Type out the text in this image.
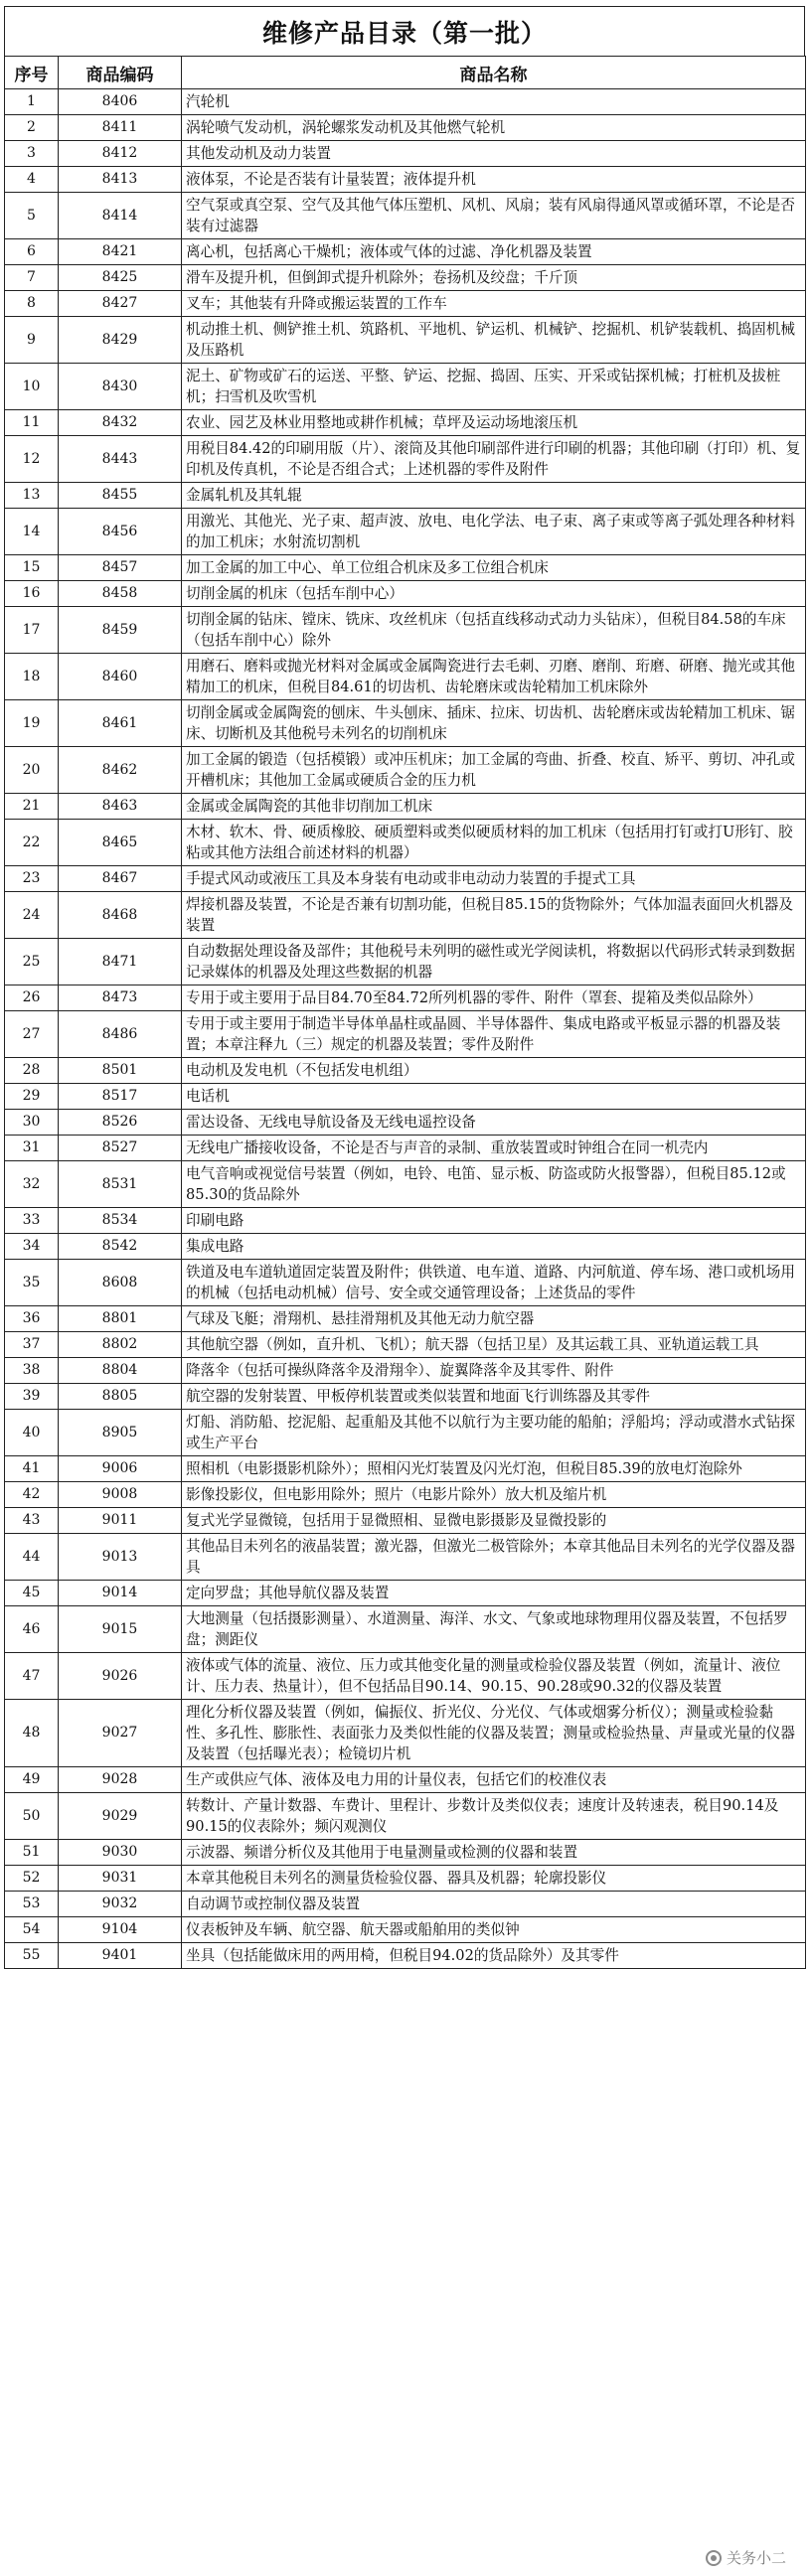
维修产品目录（第一批）
序号	商品编码	商品名称
1	8406	汽轮机
2	8411	涡轮喷气发动机，涡轮螺浆发动机及其他燃气轮机
3	8412	其他发动机及动力装置
4	8413	液体泵，不论是否装有计量装置；液体提升机
5	8414	空气泵或真空泵、空气及其他气体压塑机、风机、风扇；装有风扇得通风罩或循环罩，不论是否装有过滤器
6	8421	离心机，包括离心干燥机；液体或气体的过滤、净化机器及装置
7	8425	滑车及提升机，但倒卸式提升机除外；卷扬机及绞盘；千斤顶
8	8427	叉车；其他装有升降或搬运装置的工作车
9	8429	机动推土机、侧铲推土机、筑路机、平地机、铲运机、机械铲、挖掘机、机铲装载机、捣固机械及压路机
10	8430	泥土、矿物或矿石的运送、平整、铲运、挖掘、捣固、压实、开采或钻探机械；打桩机及拔桩机；扫雪机及吹雪机
11	8432	农业、园艺及林业用整地或耕作机械；草坪及运动场地滚压机
12	8443	用税目84.42的印刷用版（片）、滚筒及其他印刷部件进行印刷的机器；其他印刷（打印）机、复印机及传真机，不论是否组合式；上述机器的零件及附件
13	8455	金属轧机及其轧辊
14	8456	用激光、其他光、光子束、超声波、放电、电化学法、电子束、离子束或等离子弧处理各种材料的加工机床；水射流切割机
15	8457	加工金属的加工中心、单工位组合机床及多工位组合机床
16	8458	切削金属的机床（包括车削中心）
17	8459	切削金属的钻床、镗床、铣床、攻丝机床（包括直线移动式动力头钻床），但税目84.58的车床（包括车削中心）除外
18	8460	用磨石、磨料或抛光材料对金属或金属陶瓷进行去毛刺、刃磨、磨削、珩磨、研磨、抛光或其他精加工的机床，但税目84.61的切齿机、齿轮磨床或齿轮精加工机床除外
19	8461	切削金属或金属陶瓷的刨床、牛头刨床、插床、拉床、切齿机、齿轮磨床或齿轮精加工机床、锯床、切断机及其他税号未列名的切削机床
20	8462	加工金属的锻造（包括模锻）或冲压机床；加工金属的弯曲、折叠、校直、矫平、剪切、冲孔或开槽机床；其他加工金属或硬质合金的压力机
21	8463	金属或金属陶瓷的其他非切削加工机床
22	8465	木材、软木、骨、硬质橡胶、硬质塑料或类似硬质材料的加工机床（包括用打钉或打U形钉、胶粘或其他方法组合前述材料的机器）
23	8467	手提式风动或液压工具及本身装有电动或非电动动力装置的手提式工具
24	8468	焊接机器及装置，不论是否兼有切割功能，但税目85.15的货物除外；气体加温表面回火机器及装置
25	8471	自动数据处理设备及部件；其他税号未列明的磁性或光学阅读机，将数据以代码形式转录到数据记录媒体的机器及处理这些数据的机器
26	8473	专用于或主要用于品目84.70至84.72所列机器的零件、附件（罩套、提箱及类似品除外）
27	8486	专用于或主要用于制造半导体单晶柱或晶圆、半导体器件、集成电路或平板显示器的机器及装置；本章注释九（三）规定的机器及装置；零件及附件
28	8501	电动机及发电机（不包括发电机组）
29	8517	电话机
30	8526	雷达设备、无线电导航设备及无线电遥控设备
31	8527	无线电广播接收设备，不论是否与声音的录制、重放装置或时钟组合在同一机壳内
32	8531	电气音响或视觉信号装置（例如，电铃、电笛、显示板、防盗或防火报警器），但税目85.12或85.30的货品除外
33	8534	印刷电路
34	8542	集成电路
35	8608	铁道及电车道轨道固定装置及附件；供铁道、电车道、道路、内河航道、停车场、港口或机场用的机械（包括电动机械）信号、安全或交通管理设备；上述货品的零件
36	8801	气球及飞艇；滑翔机、悬挂滑翔机及其他无动力航空器
37	8802	其他航空器（例如，直升机、飞机）；航天器（包括卫星）及其运载工具、亚轨道运载工具
38	8804	降落伞（包括可操纵降落伞及滑翔伞）、旋翼降落伞及其零件、附件
39	8805	航空器的发射装置、甲板停机装置或类似装置和地面飞行训练器及其零件
40	8905	灯船、消防船、挖泥船、起重船及其他不以航行为主要功能的船舶；浮船坞；浮动或潜水式钻探或生产平台
41	9006	照相机（电影摄影机除外）；照相闪光灯装置及闪光灯泡，但税目85.39的放电灯泡除外
42	9008	影像投影仪，但电影用除外；照片（电影片除外）放大机及缩片机
43	9011	复式光学显微镜，包括用于显微照相、显微电影摄影及显微投影的
44	9013	其他品目未列名的液晶装置；激光器，但激光二极管除外；本章其他品目未列名的光学仪器及器具
45	9014	定向罗盘；其他导航仪器及装置
46	9015	大地测量（包括摄影测量）、水道测量、海洋、水文、气象或地球物理用仪器及装置，不包括罗盘；测距仪
47	9026	液体或气体的流量、液位、压力或其他变化量的测量或检验仪器及装置（例如，流量计、液位计、压力表、热量计），但不包括品目90.14、90.15、90.28或90.32的仪器及装置
48	9027	理化分析仪器及装置（例如，偏振仪、折光仪、分光仪、气体或烟雾分析仪）；测量或检验黏性、多孔性、膨胀性、表面张力及类似性能的仪器及装置；测量或检验热量、声量或光量的仪器及装置（包括曝光表）；检镜切片机
49	9028	生产或供应气体、液体及电力用的计量仪表，包括它们的校准仪表
50	9029	转数计、产量计数器、车费计、里程计、步数计及类似仪表；速度计及转速表，税目90.14及90.15的仪表除外；频闪观测仪
51	9030	示波器、频谱分析仪及其他用于电量测量或检测的仪器和装置
52	9031	本章其他税目未列名的测量货检验仪器、器具及机器；轮廓投影仪
53	9032	自动调节或控制仪器及装置
54	9104	仪表板钟及车辆、航空器、航天器或船舶用的类似钟
55	9401	坐具（包括能做床用的两用椅，但税目94.02的货品除外）及其零件
关务小二
